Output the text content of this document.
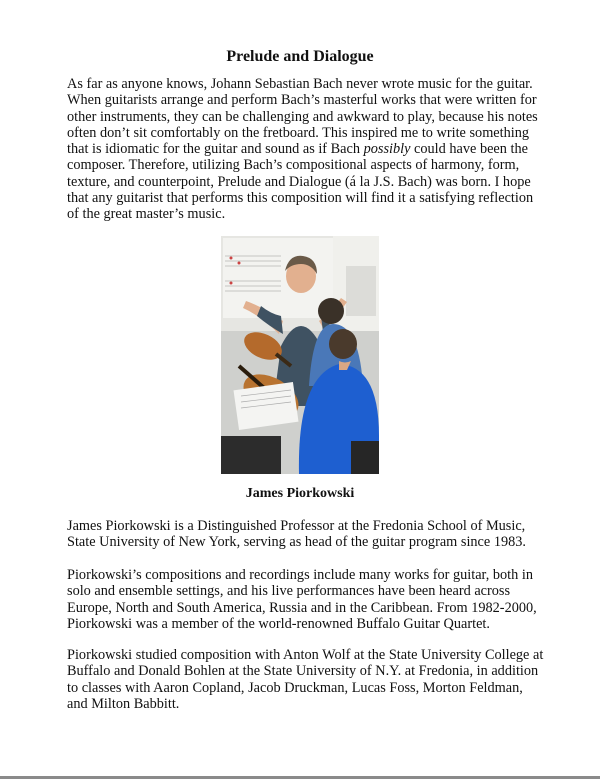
Prelude and Dialogue

As far as anyone knows, Johann Sebastian Bach never wrote music for the guitar. When guitarists arrange and perform Bach’s masterful works that were written for other instruments, they can be challenging and awkward to play, because his notes often don’t sit comfortably on the fretboard. This inspired me to write something that is idiomatic for the guitar and sound as if Bach possibly could have been the composer. Therefore, utilizing Bach’s compositional aspects of harmony, form, texture, and counterpoint, Prelude and Dialogue (á la J.S. Bach) was born. I hope that any guitarist that performs this composition will find it a satisfying reflection of the great master’s music.

James Piorkowski

James Piorkowski is a Distinguished Professor at the Fredonia School of Music, State University of New York, serving as head of the guitar program since 1983.

Piorkowski’s compositions and recordings include many works for guitar, both in solo and ensemble settings, and his live performances have been heard across Europe, North and South America, Russia and in the Caribbean. From 1982-2000, Piorkowski was a member of the world-renowned Buffalo Guitar Quartet.

Piorkowski studied composition with Anton Wolf at the State University College at Buffalo and Donald Bohlen at the State University of N.Y. at Fredonia, in addition to classes with Aaron Copland, Jacob Druckman, Lucas Foss, Morton Feldman, and Milton Babbitt.
